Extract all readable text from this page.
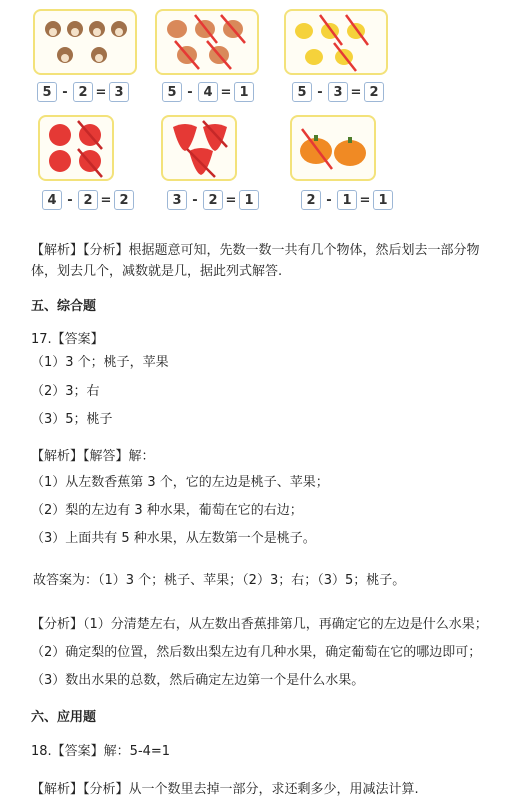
5 - 2 = 3	5 - 4 = 1	5 - 3 = 2
4 - 2 = 2	3 - 2 = 1	2 - 1 = 1
【解析】【分析】根据题意可知，先数一数一共有几个物体，然后划去一部分物
体，划去几个，减数就是几，据此列式解答.
五、综合题
17.【答案】
（1）3 个；桃子，苹果
（2）3；右
（3）5；桃子
【解析】【解答】解：
（1）从左数香蕉第 3 个，它的左边是桃子、苹果；
（2）梨的左边有 3 种水果，葡萄在它的右边；
（3）上面共有 5 种水果，从左数第一个是桃子。
故答案为：（1）3 个；桃子、苹果；（2）3；右；（3）5；桃子。
【分析】（1）分清楚左右，从左数出香蕉排第几，再确定它的左边是什么水果；
（2）确定梨的位置，然后数出梨左边有几种水果，确定葡萄在它的哪边即可；
（3）数出水果的总数，然后确定左边第一个是什么水果。
六、应用题
18.【答案】解：5-4=1
【解析】【分析】从一个数里去掉一部分，求还剩多少，用减法计算.
